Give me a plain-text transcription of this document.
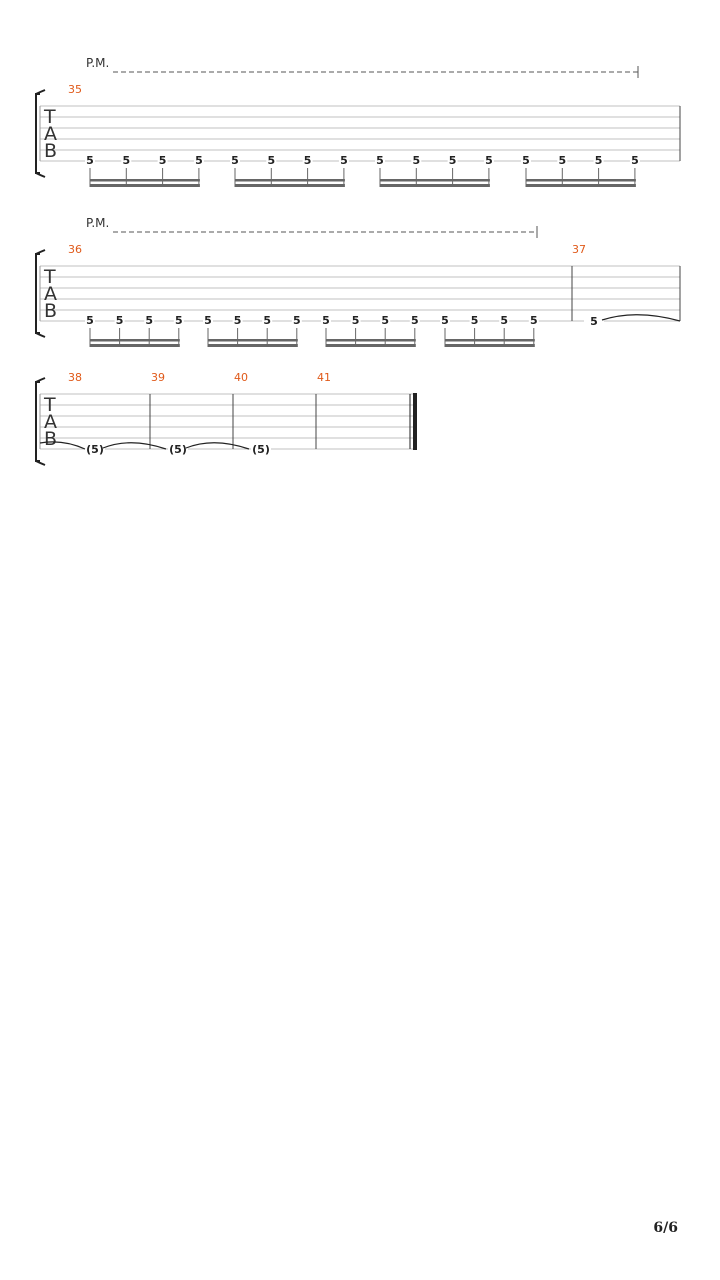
T
A
B
P.M.
35
5	5	5	5	5	5	5	5	5	5	5	5	5	5	5	5
T
A
B
P.M.
36
5 5 5 5 5 5 5 5 5 5 5 5 5 5 5 5
37
5
T
A
B
38
(5)
39
(5)
40
(5)
41
6/6
